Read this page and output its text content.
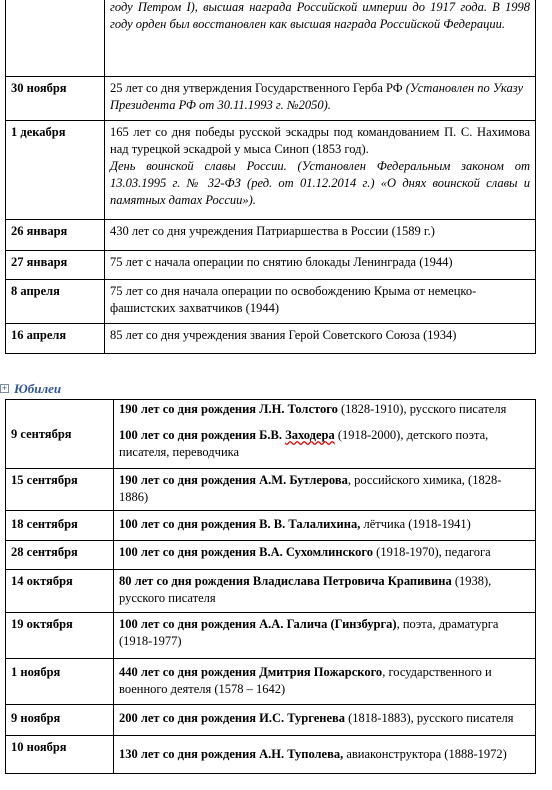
	году Петром I), высшая награда Российской империи до 1917 года. В 1998 году орден был восстановлен как высшая награда Российской Федерации.
30 ноября	25 лет со дня утверждения Государственного Герба РФ (Установлен по Указу Президента РФ от 30.11.1993 г. №2050).
1 декабря	165 лет со дня победы русской эскадры под командованием П. С. Нахимова над турецкой эскадрой у мыса Синоп (1853 год).
День воинской славы России. (Установлен Федеральным законом от 13.03.1995 г. № 32-ФЗ (ред. от 01.12.2014 г.) «О днях воинской славы и памятных датах России»).

26 января	430 лет со дня учреждения Патриаршества в России (1589 г.)
27 января	75 лет с начала операции по снятию блокады Ленинграда (1944)
8 апреля	75 лет со дня начала операции по освобождению Крыма от немецко-фашистских захватчиков (1944)
16 апреля	85 лет со дня учреждения звания Герой Советского Союза (1934)
+ Юбилеи
9 сентября	190 лет со дня рождения Л.Н. Толстого (1828-1910), русского писателя
100 лет со дня рождения Б.В. Заходера (1918-2000), детского поэта, писателя, переводчика

15 сентября	190 лет со дня рождения А.М. Бутлерова, российского химика, (1828-1886)
18 сентября	100 лет со дня рождения В. В. Талалихина, лётчика (1918-1941)
28 сентября	100 лет со дня рождения В.А. Сухомлинского (1918-1970), педагога
14 октября	80 лет со дня рождения Владислава Петровича Крапивина (1938), русского писателя
19 октября	100 лет со дня рождения А.А. Галича (Гинзбурга), поэта, драматурга (1918-1977)
1 ноября	440 лет со дня рождения Дмитрия Пожарского, государственного и военного деятеля (1578 – 1642)
9 ноября	200 лет со дня рождения И.С. Тургенева (1818-1883), русского писателя
10 ноября	130 лет со дня рождения А.Н. Туполева, авиаконструктора (1888-1972)
